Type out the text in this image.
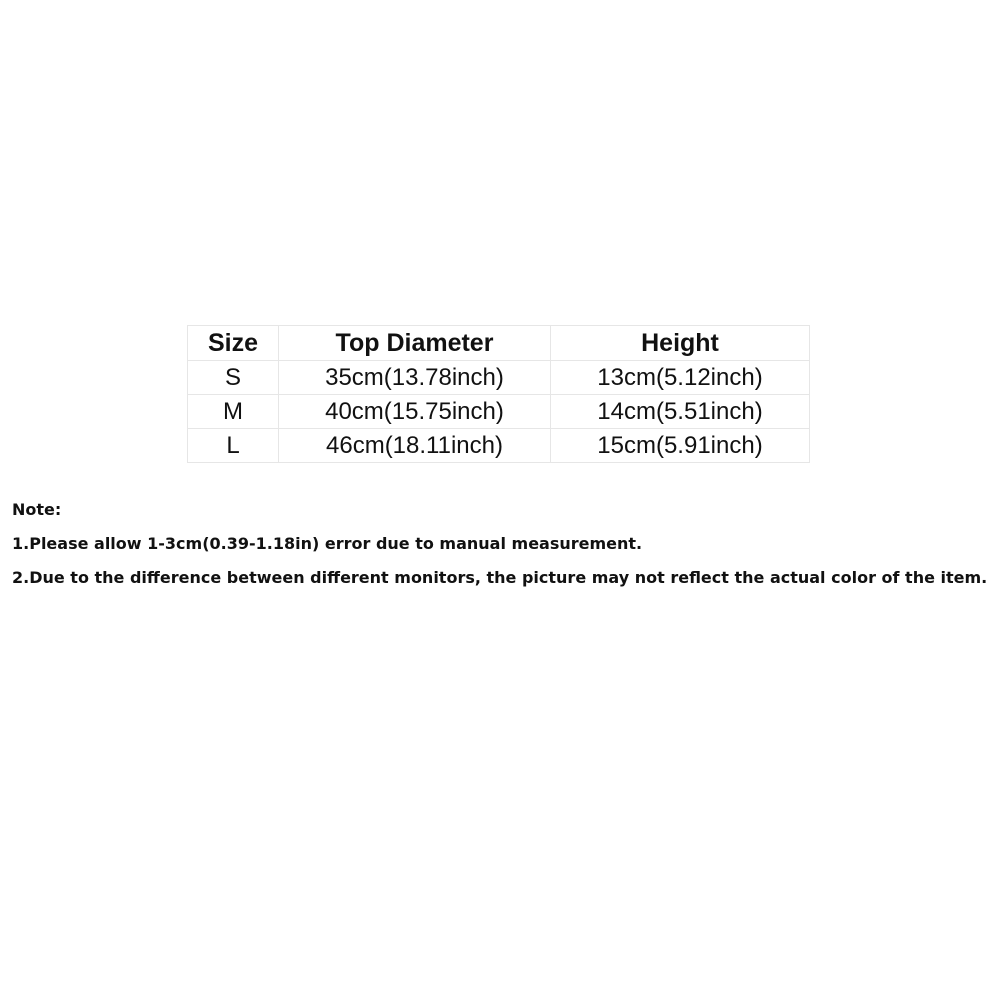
Size	Top Diameter	Height
S	35cm(13.78inch)	13cm(5.12inch)
M	40cm(15.75inch)	14cm(5.51inch)
L	46cm(18.11inch)	15cm(5.91inch)
Note:
1.Please allow 1-3cm(0.39-1.18in) error due to manual measurement.
2.Due to the difference between different monitors, the picture may not reflect the actual color of the item.
